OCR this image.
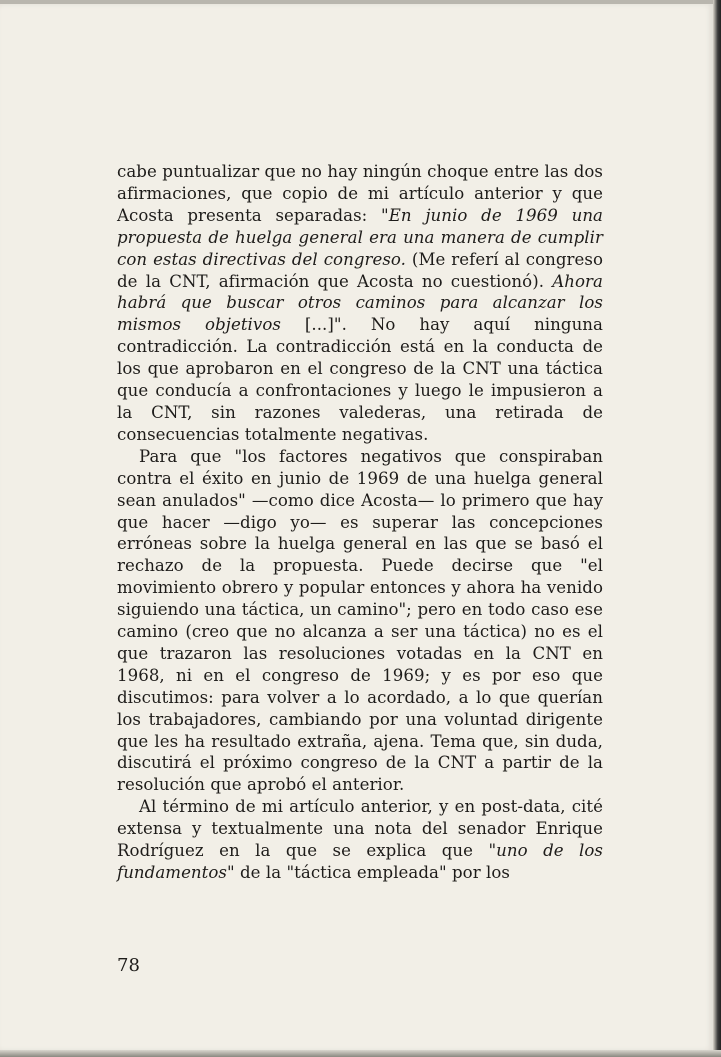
cabe puntualizar que no hay ningún choque entre las dos afirmaciones, que copio de mi artículo anterior y que Acosta presenta separadas: "En junio de 1969 una propuesta de huelga general era una manera de cumplir con estas directivas del congreso. (Me referí al congreso de la CNT, afirmación que Acosta no cuestionó). Ahora habrá que buscar otros caminos para alcanzar los mismos objetivos [...]". No hay aquí ninguna contradicción. La contradicción está en la conducta de los que aprobaron en el congreso de la CNT una táctica que conducía a confrontaciones y luego le impusieron a la CNT, sin razones valederas, una retirada de consecuencias totalmente negativas.

Para que "los factores negativos que conspiraban contra el éxito en junio de 1969 de una huelga general sean anulados" —como dice Acosta— lo primero que hay que hacer —digo yo— es superar las concepciones erróneas sobre la huelga general en las que se basó el rechazo de la propuesta. Puede decirse que "el movimiento obrero y popular entonces y ahora ha venido siguiendo una táctica, un camino"; pero en todo caso ese camino (creo que no alcanza a ser una táctica) no es el que trazaron las resoluciones votadas en la CNT en 1968, ni en el congreso de 1969; y es por eso que discutimos: para volver a lo acordado, a lo que querían los trabajadores, cambiando por una voluntad dirigente que les ha resultado extraña, ajena. Tema que, sin duda, discutirá el próximo congreso de la CNT a partir de la resolución que aprobó el anterior.

Al término de mi artículo anterior, y en post-data, cité extensa y textualmente una nota del senador Enrique Rodríguez en la que se explica que "uno de los fundamentos" de la "táctica empleada" por los

78
